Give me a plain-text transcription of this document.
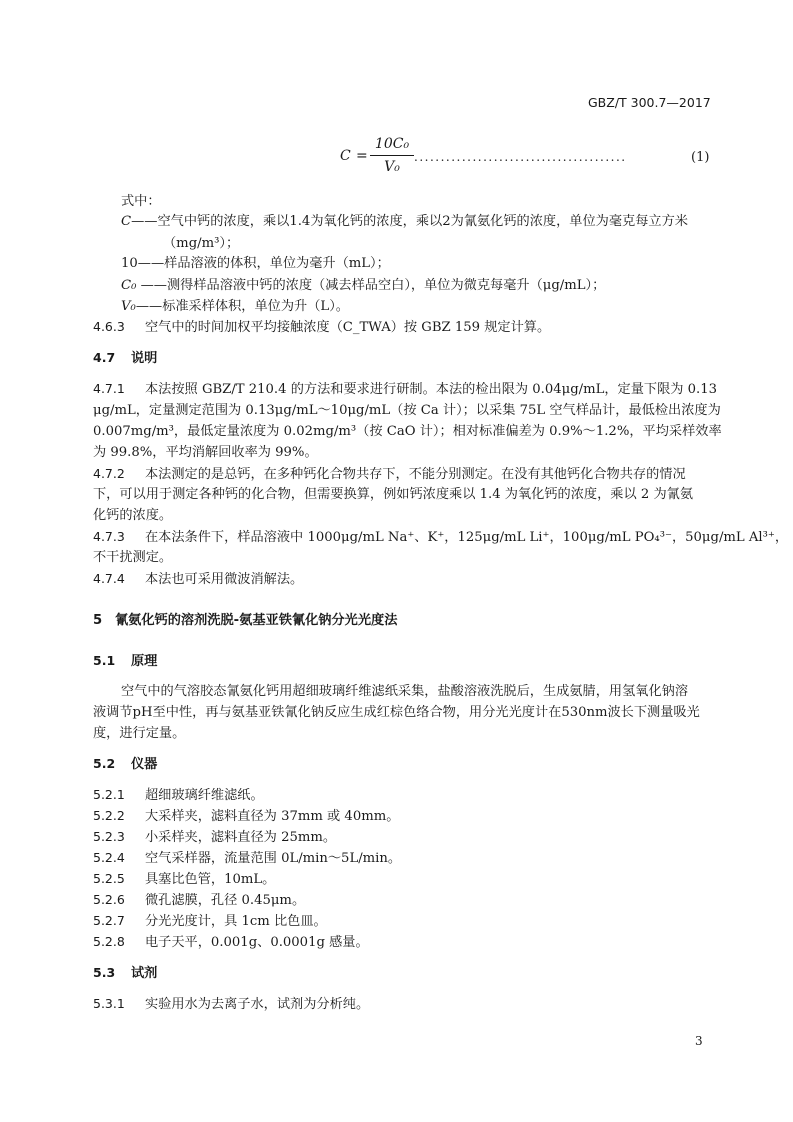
GBZ/T 300.7—2017
C =
10C₀
V₀
........................................	(1)
式中：
C——空气中钙的浓度，乘以1.4为氧化钙的浓度，乘以2为氰氨化钙的浓度，单位为毫克每立方米
（mg/m³）；
10——样品溶液的体积，单位为毫升（mL）；
C₀ ——测得样品溶液中钙的浓度（减去样品空白），单位为微克每毫升（μg/mL）；
V₀——标准采样体积，单位为升（L）。
4.6.3 空气中的时间加权平均接触浓度（C_TWA）按 GBZ 159 规定计算。
4.7 说明
4.7.1 本法按照 GBZ/T 210.4 的方法和要求进行研制。本法的检出限为 0.04μg/mL，定量下限为 0.13
μg/mL，定量测定范围为 0.13μg/mL～10μg/mL（按 Ca 计）；以采集 75L 空气样品计，最低检出浓度为
0.007mg/m³，最低定量浓度为 0.02mg/m³（按 CaO 计）；相对标准偏差为 0.9%～1.2%，平均采样效率
为 99.8%，平均消解回收率为 99%。
4.7.2 本法测定的是总钙，在多种钙化合物共存下，不能分别测定。在没有其他钙化合物共存的情况
下，可以用于测定各种钙的化合物，但需要换算，例如钙浓度乘以 1.4 为氧化钙的浓度，乘以 2 为氰氨
化钙的浓度。
4.7.3 在本法条件下，样品溶液中 1000μg/mL Na⁺、K⁺，125μg/mL Li⁺，100μg/mL PO₄³⁻，50μg/mL Al³⁺，
不干扰测定。
4.7.4 本法也可采用微波消解法。
5 氰氨化钙的溶剂洗脱-氨基亚铁氰化钠分光光度法
5.1 原理
空气中的气溶胶态氰氨化钙用超细玻璃纤维滤纸采集，盐酸溶液洗脱后，生成氨腈，用氢氧化钠溶
液调节pH至中性，再与氨基亚铁氰化钠反应生成红棕色络合物，用分光光度计在530nm波长下测量吸光
度，进行定量。
5.2 仪器
5.2.1 超细玻璃纤维滤纸。
5.2.2 大采样夹，滤料直径为 37mm 或 40mm。
5.2.3 小采样夹，滤料直径为 25mm。
5.2.4 空气采样器，流量范围 0L/min～5L/min。
5.2.5 具塞比色管，10mL。
5.2.6 微孔滤膜，孔径 0.45μm。
5.2.7 分光光度计，具 1cm 比色皿。
5.2.8 电子天平，0.001g、0.0001g 感量。
5.3 试剂
5.3.1 实验用水为去离子水，试剂为分析纯。
3
